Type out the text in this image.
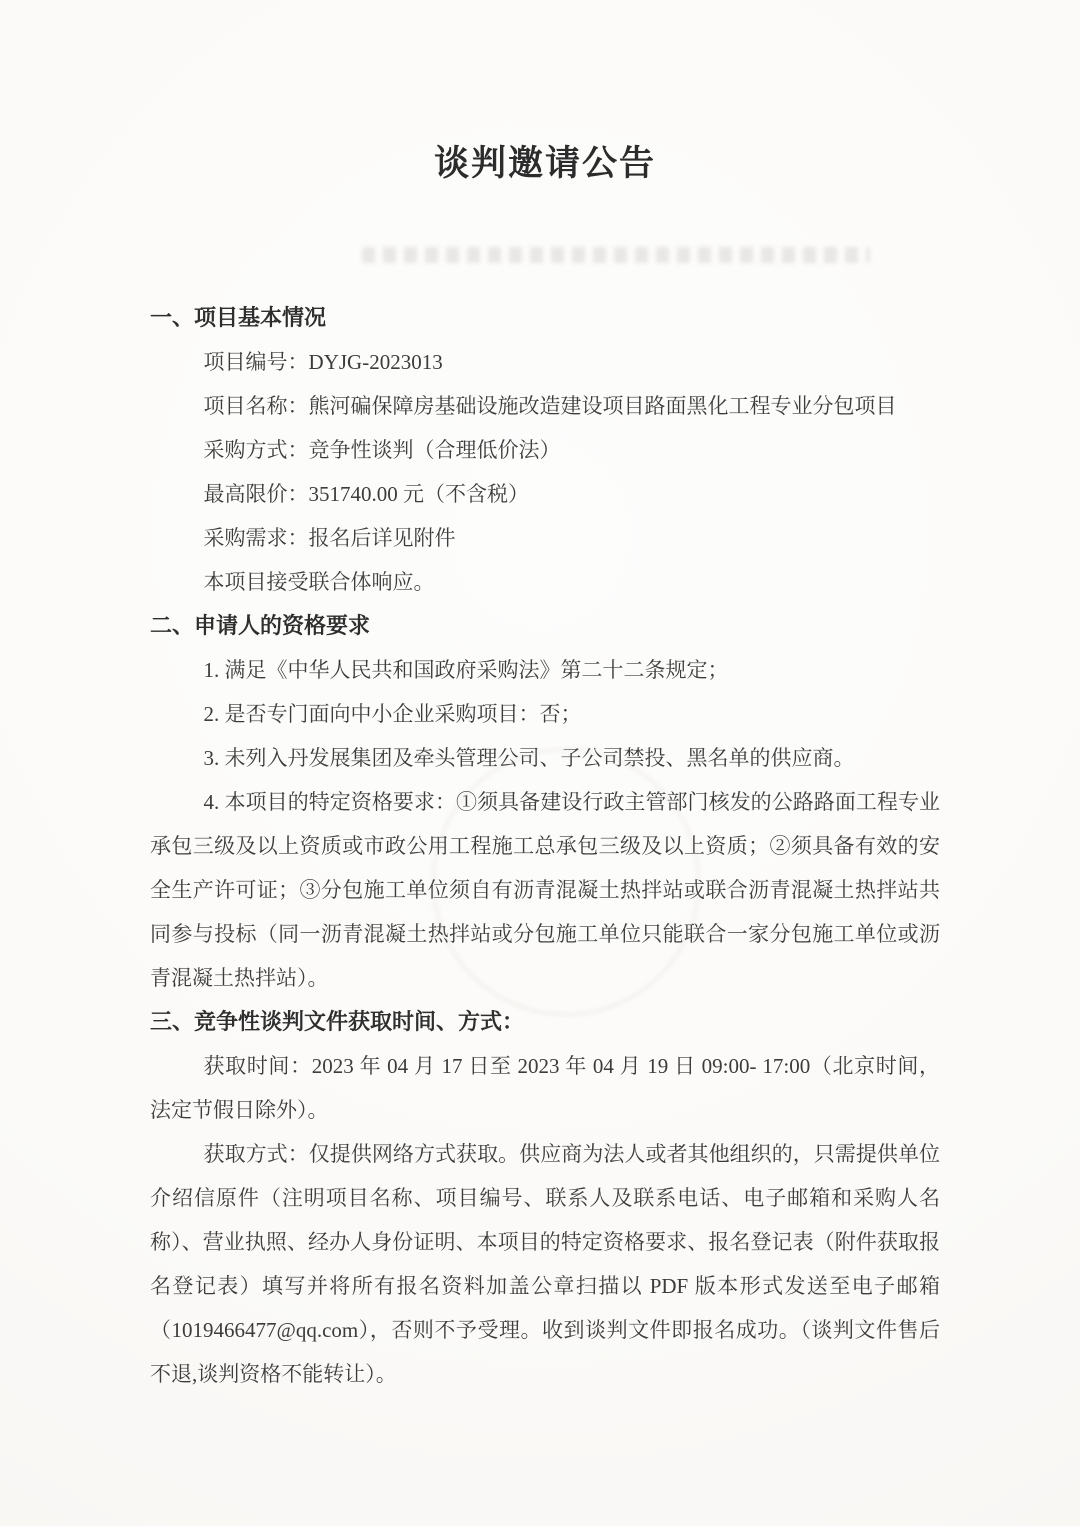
谈判邀请公告
一、项目基本情况

项目编号：DYJG-2023013

项目名称：熊河碥保障房基础设施改造建设项目路面黑化工程专业分包项目

采购方式：竞争性谈判（合理低价法）

最高限价：351740.00 元（不含税）

采购需求：报名后详见附件

本项目接受联合体响应。

二、申请人的资格要求

1. 满足《中华人民共和国政府采购法》第二十二条规定；

2. 是否专门面向中小企业采购项目：否；

3. 未列入丹发展集团及牵头管理公司、子公司禁投、黑名单的供应商。

4. 本项目的特定资格要求：①须具备建设行政主管部门核发的公路路面工程专业承包三级及以上资质或市政公用工程施工总承包三级及以上资质；②须具备有效的安全生产许可证；③分包施工单位须自有沥青混凝土热拌站或联合沥青混凝土热拌站共同参与投标（同一沥青混凝土热拌站或分包施工单位只能联合一家分包施工单位或沥青混凝土热拌站）。

三、竞争性谈判文件获取时间、方式：

获取时间：2023 年 04 月 17 日至 2023 年 04 月 19 日 09:00- 17:00（北京时间，法定节假日除外）。

获取方式：仅提供网络方式获取。供应商为法人或者其他组织的，只需提供单位介绍信原件（注明项目名称、项目编号、联系人及联系电话、电子邮箱和采购人名称）、营业执照、经办人身份证明、本项目的特定资格要求、报名登记表（附件获取报名登记表）填写并将所有报名资料加盖公章扫描以 PDF 版本形式发送至电子邮箱（1019466477@qq.com），否则不予受理。收到谈判文件即报名成功。（谈判文件售后不退,谈判资格不能转让）。
